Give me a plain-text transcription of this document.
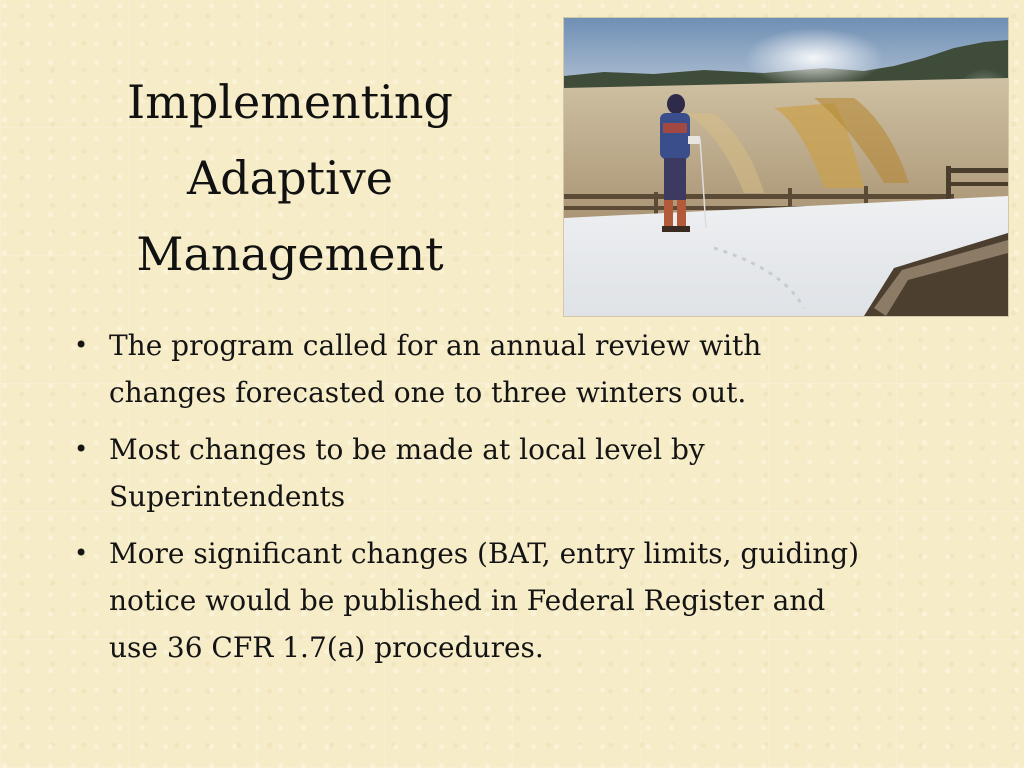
Implementing
Adaptive
Management
• The program called for an annual review with
changes forecasted one to three winters out.
• Most changes to be made at local level by
Superintendents
• More significant changes (BAT, entry limits, guiding)
notice would be published in Federal Register and
use 36 CFR 1.7(a) procedures.
